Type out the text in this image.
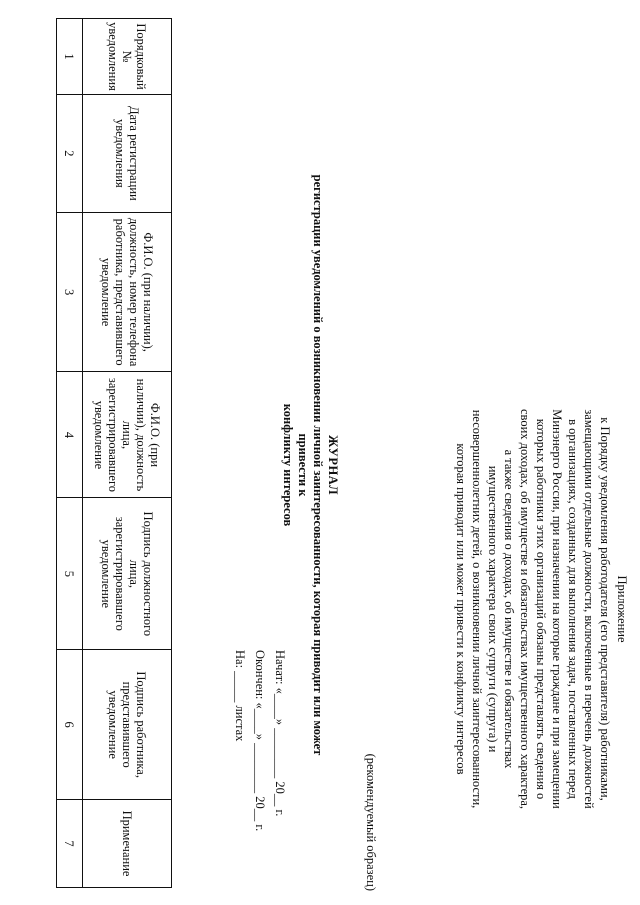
Приложение
к Порядку уведомления работодателя (его представителя) работниками,
замещающими отдельные должности, включенные в перечень должностей
в организациях, созданных для выполнения задач, поставленных перед
Минэнерго России, при назначении на которые граждане и при замещении
которых работники этих организаций обязаны представлять сведения о
своих доходах, об имуществе и обязательствах имущественного характера,
а также сведения о доходах, об имуществе и обязательствах
имущественного характера своих супруги (супруга) и
несовершеннолетних детей, о возникновении личной заинтересованности,
которая приводит или может привести к конфликту интересов
(рекомендуемый образец)
ЖУРНАЛ
регистрации уведомлений о возникновении личной заинтересованности, которая приводит или может привести к
конфликту интересов
Начат: «____» ________ 20__ г.
Окончен: «____» ________ 20__ г.
На: _____ листах
Порядковый № уведомления	Дата регистрации уведомления	Ф.И.О. (при наличии), должность, номер телефона работника, представившего уведомление	Ф.И.О. (при наличии), должность лица, зарегистрировавшего уведомление	Подпись должностного лица, зарегистрировавшего уведомление	Подпись работника, представившего уведомление	Примечание
1	2	3	4	5	6	7
